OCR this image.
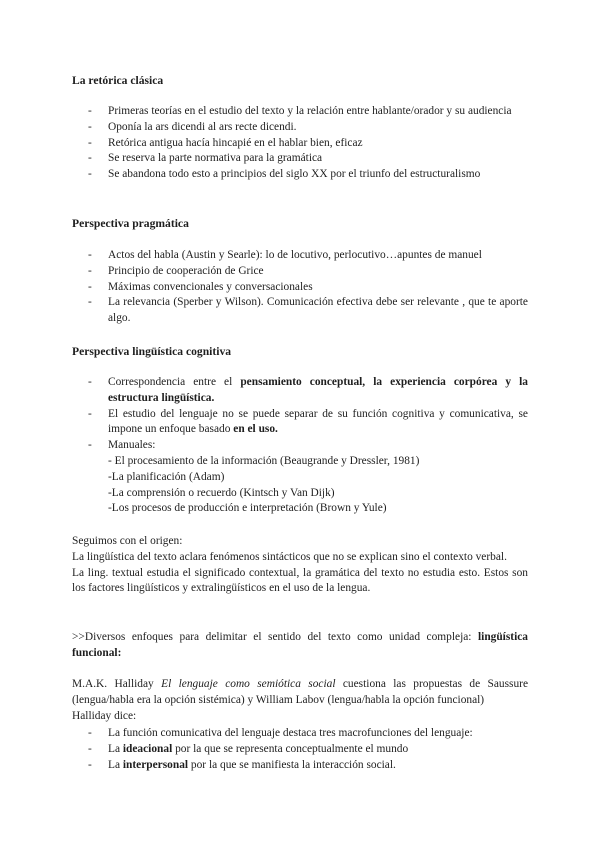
La retórica clásica
- Primeras teorías en el estudio del texto y la relación entre hablante/orador y su audiencia
- Oponía la ars dicendi al ars recte dicendi.
- Retórica antigua hacía hincapié en el hablar bien, eficaz
- Se reserva la parte normativa para la gramática
- Se abandona todo esto a principios del siglo XX por el triunfo del estructuralismo
Perspectiva pragmática
- Actos del habla (Austin y Searle): lo de locutivo, perlocutivo…apuntes de manuel
- Principio de cooperación de Grice
- Máximas convencionales y conversacionales
- La relevancia (Sperber y Wilson). Comunicación efectiva debe ser relevante , que te aporte algo.
Perspectiva lingüística cognitiva
- Correspondencia entre el pensamiento conceptual, la experiencia corpórea y la estructura lingüística.
- El estudio del lenguaje no se puede separar de su función cognitiva y comunicativa, se impone un enfoque basado en el uso.
- Manuales:
- El procesamiento de la información (Beaugrande y Dressler, 1981)
-La planificación (Adam)
-La comprensión o recuerdo (Kintsch y Van Dijk)
-Los procesos de producción e interpretación (Brown y Yule)
Seguimos con el origen:
La lingüística del texto aclara fenómenos sintácticos que no se explican sino el contexto verbal.
La ling. textual estudia el significado contextual, la gramática del texto no estudia esto. Estos son los factores lingüísticos y extralingüísticos en el uso de la lengua.
>>Diversos enfoques para delimitar el sentido del texto como unidad compleja: lingüística funcional:
M.A.K. Halliday El lenguaje como semiótica social cuestiona las propuestas de Saussure (lengua/habla era la opción sistémica) y William Labov (lengua/habla la opción funcional)
Halliday dice:
- La función comunicativa del lenguaje destaca tres macrofunciones del lenguaje:
- La ideacional por la que se representa conceptualmente el mundo
- La interpersonal por la que se manifiesta la interacción social.
